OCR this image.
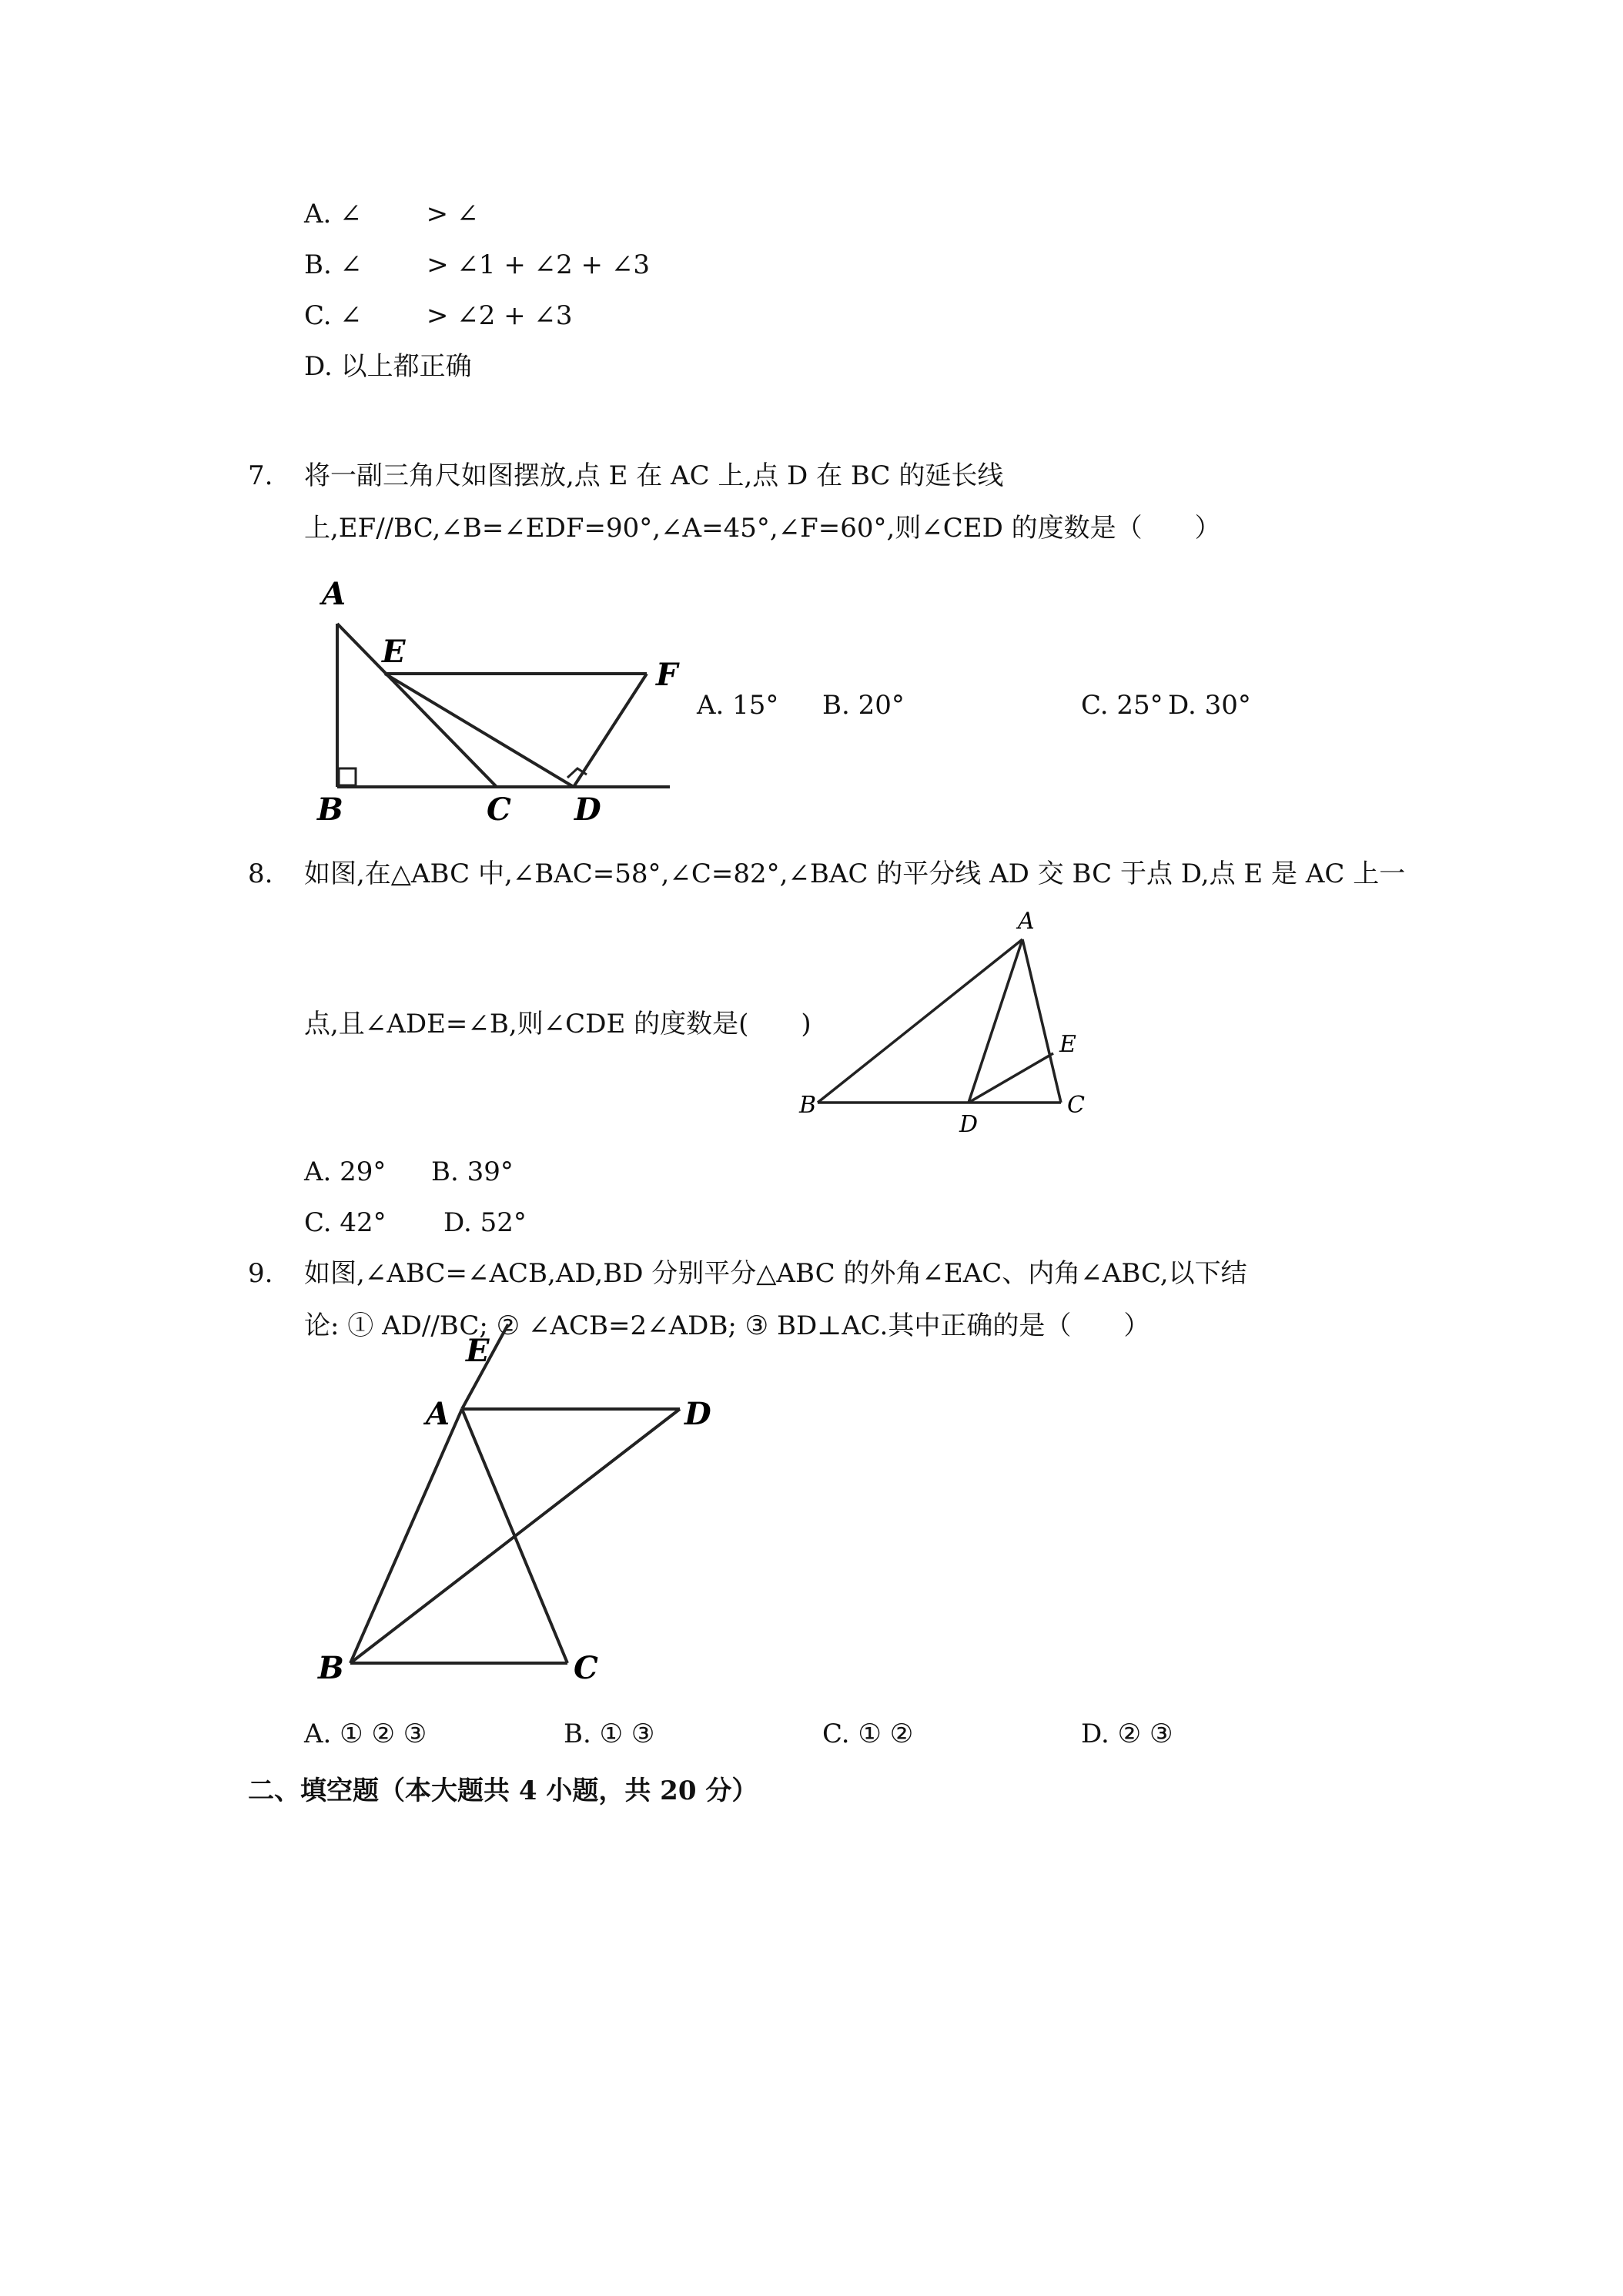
A. ∠ > ∠
B. ∠ > ∠1 + ∠2 + ∠3
C. ∠ > ∠2 + ∠3
D. 以上都正确
7. 将一副三角尺如图摆放,点 E 在 AC 上,点 D 在 BC 的延长线
上,EF//BC,∠B=∠EDF=90°,∠A=45°,∠F=60°,则∠CED 的度数是（　　）
A
E
F
B	C D
A. 15° B. 20°	C. 25° D. 30°
8. 如图,在△ABC 中,∠BAC=58°,∠C=82°,∠BAC 的平分线 AD 交 BC 于点 D,点 E 是 AC 上一
点,且∠ADE=∠B,则∠CDE 的度数是(　　)
A
E
B
D
C
A. 29° B. 39°
C. 42° D. 52°
9. 如图,∠ABC=∠ACB,AD,BD 分别平分△ABC 的外角∠EAC、内角∠ABC,以下结
论: ① AD//BC; ② ∠ACB=2∠ADB; ③ BD⊥AC.其中正确的是（　　）
E
A	D
B	C
A. ① ② ③	B. ① ③	C. ① ②	D. ② ③
二、填空题（本大题共 4 小题，共 20 分）
